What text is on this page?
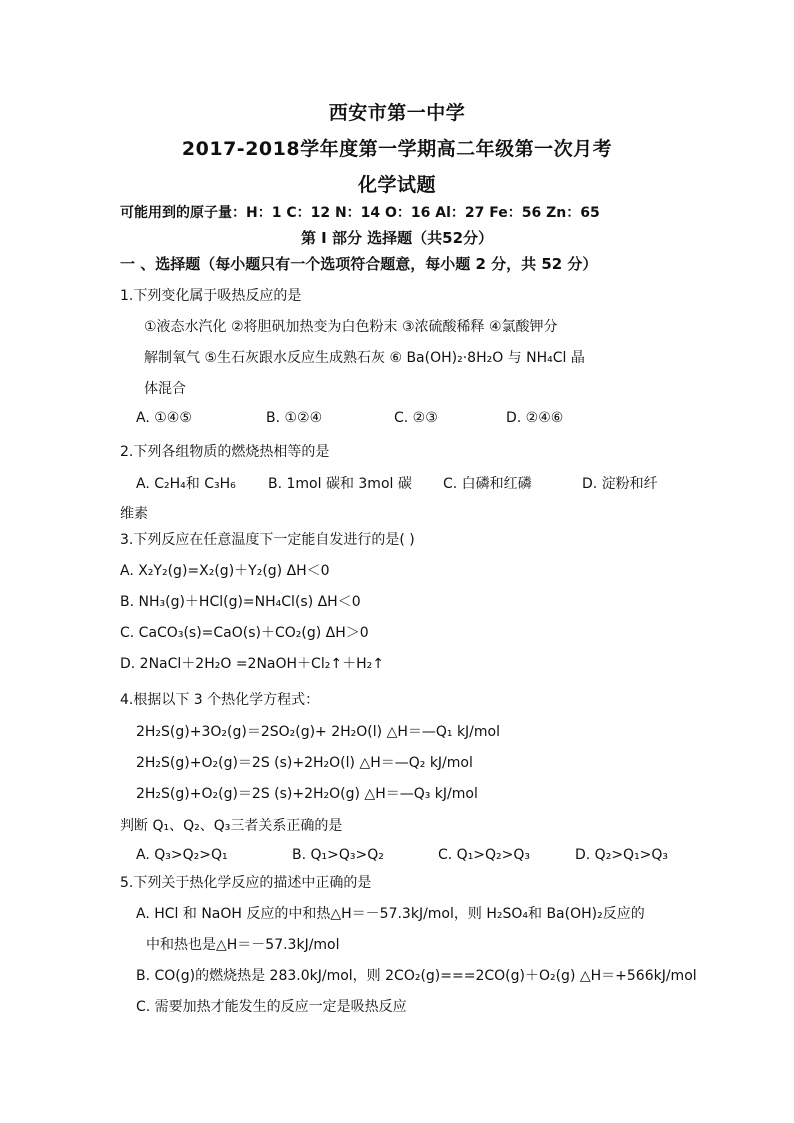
西安市第一中学
2017-2018学年度第一学期高二年级第一次月考
化学试题
可能用到的原子量：H：1 C：12 N：14 O：16 Al：27 Fe：56 Zn：65
第 I 部分 选择题（共52分）
一 、选择题（每小题只有一个选项符合题意，每小题 2 分，共 52 分）
1.下列变化属于吸热反应的是
①液态水汽化 ②将胆矾加热变为白色粉末 ③浓硫酸稀释 ④氯酸钾分
解制氧气 ⑤生石灰跟水反应生成熟石灰 ⑥ Ba(OH)₂·8H₂O 与 NH₄Cl 晶
体混合
A. ①④⑤	B. ①②④	C. ②③	D. ②④⑥
2.下列各组物质的燃烧热相等的是
A. C₂H₄和 C₃H₆ B. 1mol 碳和 3mol 碳 C. 白磷和红磷	D. 淀粉和纤
维素
3.下列反应在任意温度下一定能自发进行的是( )
A. X₂Y₂(g)=X₂(g)＋Y₂(g) ΔH＜0
B. NH₃(g)＋HCl(g)=NH₄Cl(s) ΔH＜0
C. CaCO₃(s)=CaO(s)＋CO₂(g) ΔH＞0
D. 2NaCl＋2H₂O =2NaOH＋Cl₂↑＋H₂↑
4.根据以下 3 个热化学方程式：
2H₂S(g)+3O₂(g)＝2SO₂(g)+ 2H₂O(l) △H＝—Q₁ kJ/mol
2H₂S(g)+O₂(g)＝2S (s)+2H₂O(l) △H＝—Q₂ kJ/mol
2H₂S(g)+O₂(g)＝2S (s)+2H₂O(g) △H＝—Q₃ kJ/mol
判断 Q₁、Q₂、Q₃三者关系正确的是
A. Q₃>Q₂>Q₁	B. Q₁>Q₃>Q₂	C. Q₁>Q₂>Q₃	D. Q₂>Q₁>Q₃
5.下列关于热化学反应的描述中正确的是
A. HCl 和 NaOH 反应的中和热△H＝－57.3kJ/mol，则 H₂SO₄和 Ba(OH)₂反应的
中和热也是△H＝－57.3kJ/mol
B. CO(g)的燃烧热是 283.0kJ/mol，则 2CO₂(g)===2CO(g)＋O₂(g) △H＝+566kJ/mol
C. 需要加热才能发生的反应一定是吸热反应
